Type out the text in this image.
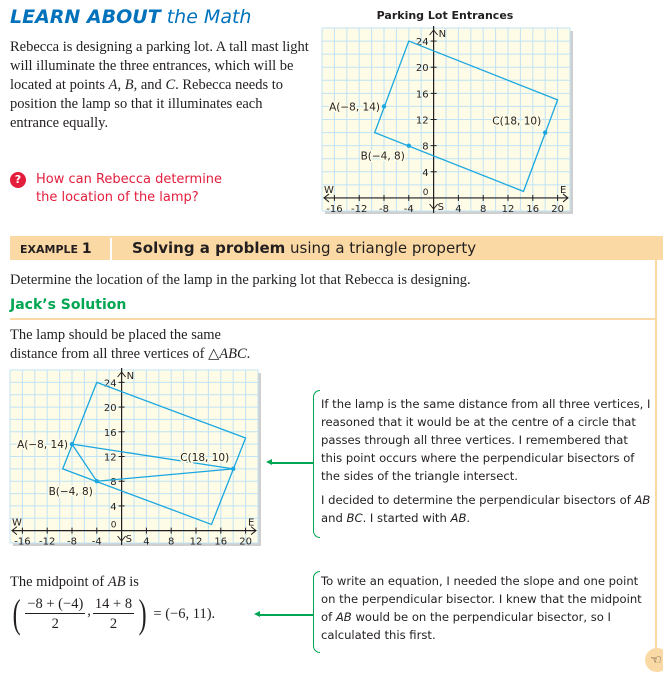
LEARN ABOUT the Math
Rebecca is designing a parking lot. A tall mast light will illuminate the three entrances, which will be located at points A, B, and C. Rebecca needs to position the lamp so that it illuminates each entrance equally.
?	How can Rebecca determine the location of the lamp?
Parking Lot Entrances
-16 -12 -8 -4	4 8 12 16 20
4
8
12
16
20
24
0
N
S
E
W
A(−8, 14)
B(−4, 8)
C(18, 10)
EXAMPLE 1	Solving a problem using a triangle property
Determine the location of the lamp in the parking lot that Rebecca is designing.
Jack’s Solution
The lamp should be placed the same
distance from all three vertices of △ABC.
-16 -12 -8 -4	4 8 12 16 20
4
8
12
16
20
24
0
N
S
E
W
A(−8, 14)
B(−4, 8)
C(18, 10)

If the lamp is the same distance from all three vertices, I reasoned that it would be at the centre of a circle that passes through all three vertices. I remembered that this point occurs where the perpendicular bisectors of the sides of the triangle intersect.

I decided to determine the perpendicular bisectors of AB and BC. I started with AB.

The midpoint of AB is
( $\frac{-8 + (-4)}{2}$ , $\frac{14 + 8}{2}$ ) = (−6, 11).
To write an equation, I needed the slope and one point on the perpendicular bisector. I knew that the midpoint of AB would be on the perpendicular bisector, so I calculated this first.
☜
